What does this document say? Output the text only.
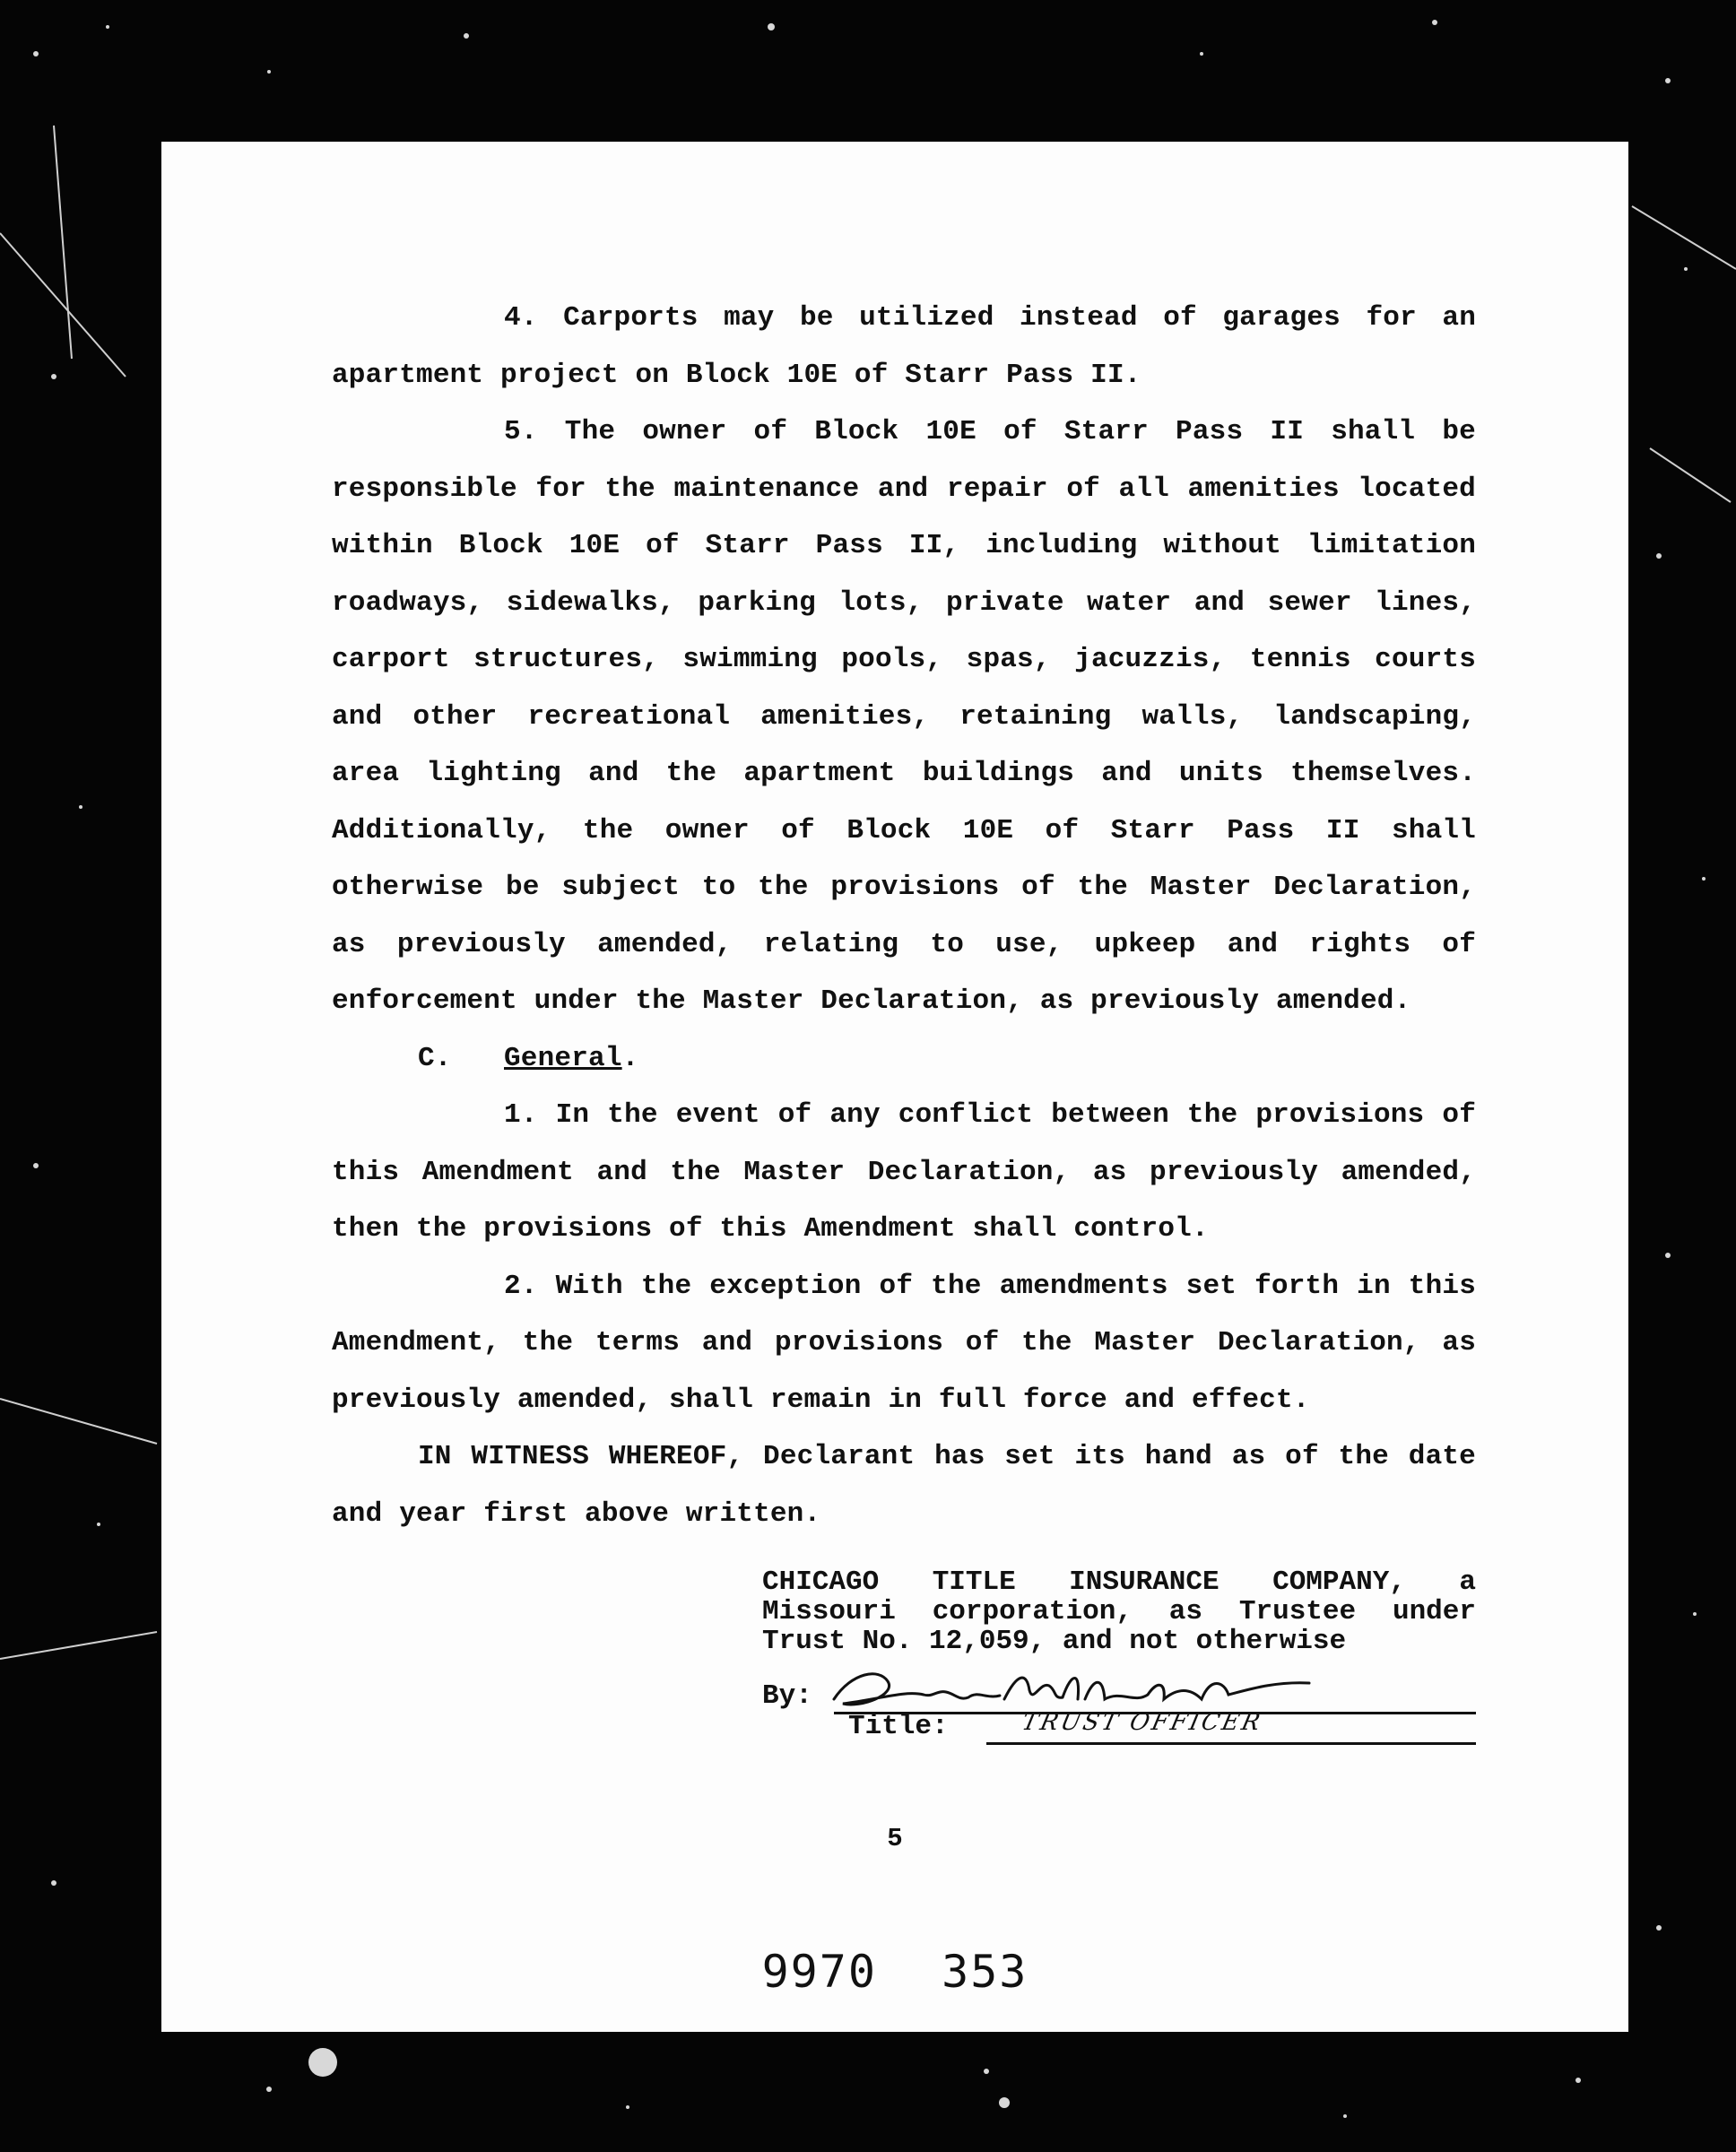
4. Carports may be utilized instead of garages for an apartment project on Block 10E of Starr Pass II.

5. The owner of Block 10E of Starr Pass II shall be responsible for the maintenance and repair of all amenities located within Block 10E of Starr Pass II, including without limitation roadways, sidewalks, parking lots, private water and sewer lines, carport structures, swimming pools, spas, jacuzzis, tennis courts and other recreational amenities, retaining walls, landscaping, area lighting and the apartment buildings and units themselves. Additionally, the owner of Block 10E of Starr Pass II shall otherwise be subject to the provisions of the Master Declaration, as previously amended, relating to use, upkeep and rights of enforcement under the Master Declaration, as previously amended.

C. General.

1. In the event of any conflict between the provisions of this Amendment and the Master Declaration, as previously amended, then the provisions of this Amendment shall control.

2. With the exception of the amendments set forth in this Amendment, the terms and provisions of the Master Declaration, as previously amended, shall remain in full force and effect.

IN WITNESS WHEREOF, Declarant has set its hand as of the date and year first above written.

CHICAGO TITLE INSURANCE COMPANY, a Missouri corporation, as Trustee under Trust No. 12,059, and not otherwise

By:
Title:	TRUST OFFICER
5
9970 353
